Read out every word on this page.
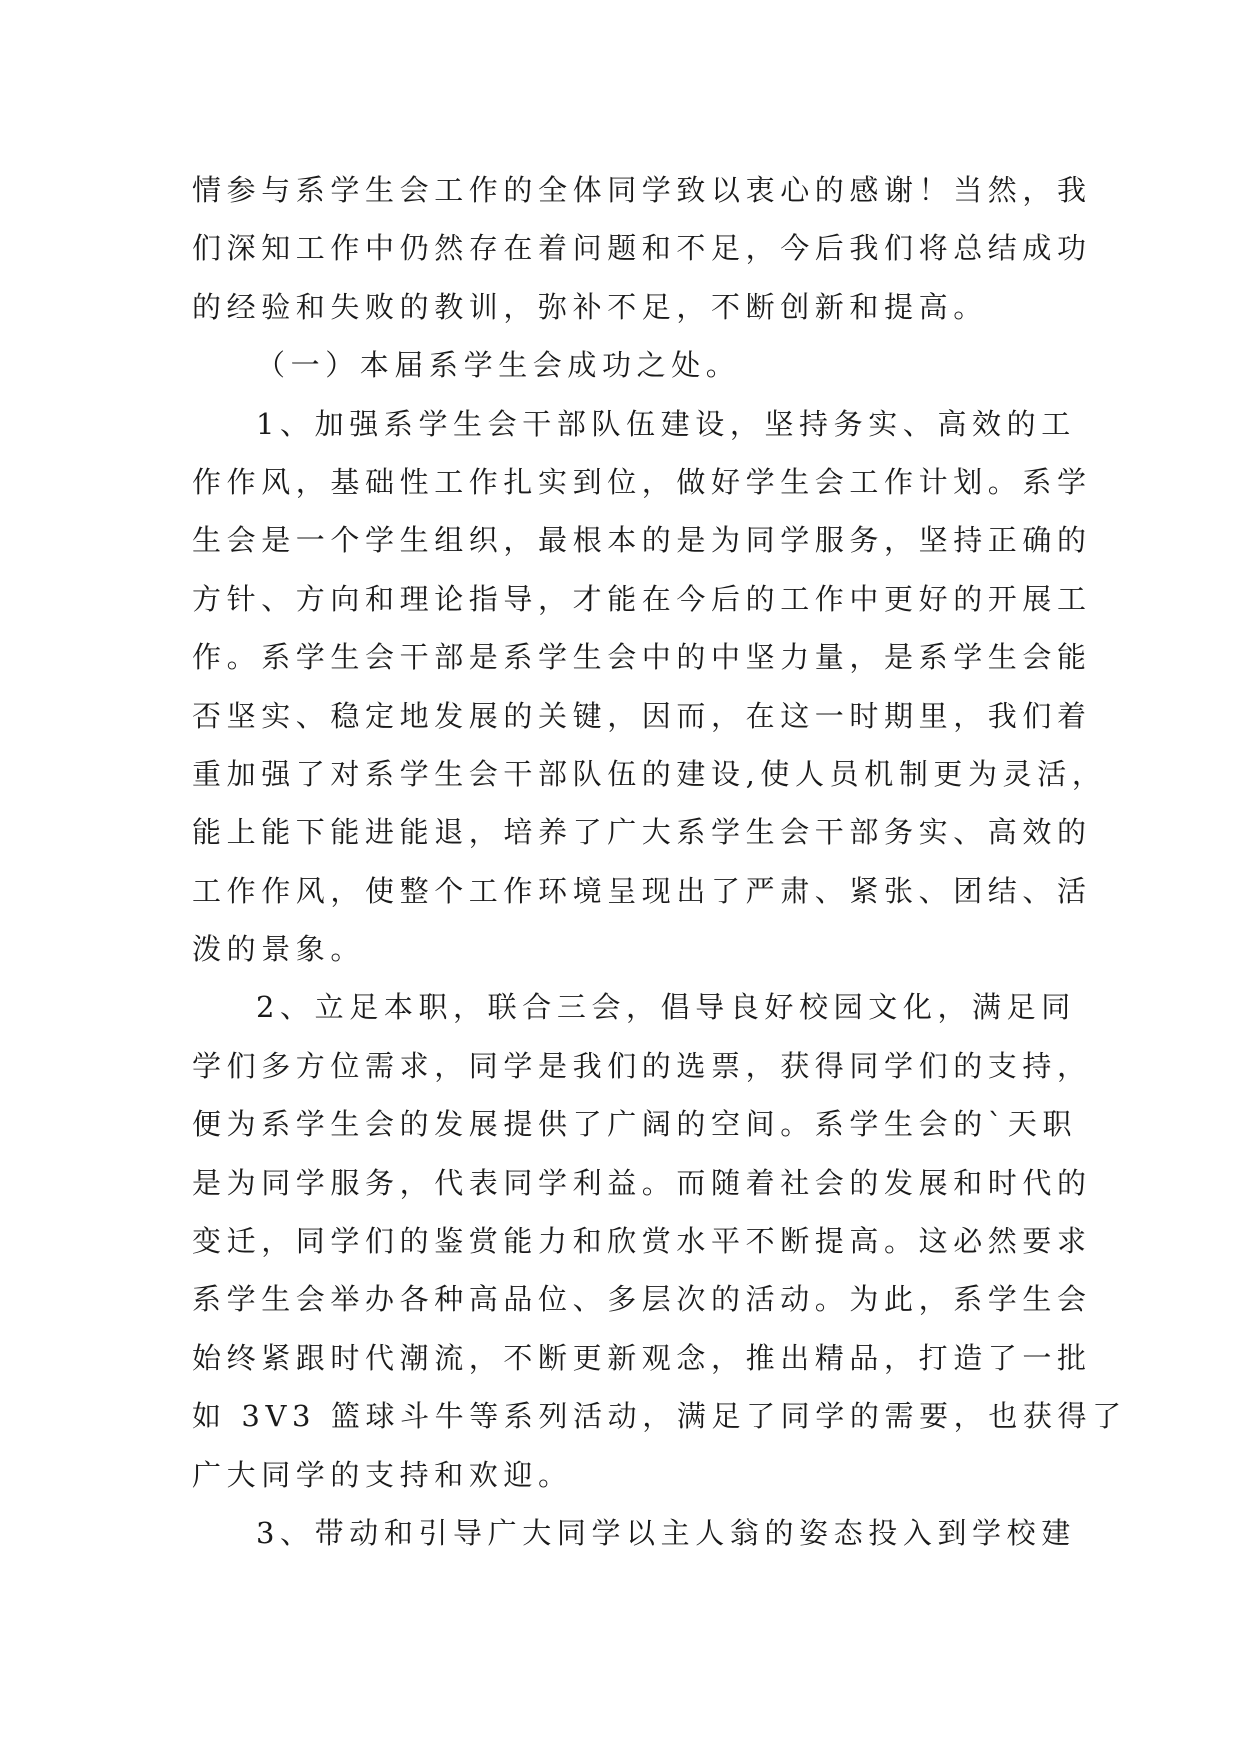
情参与系学生会工作的全体同学致以衷心的感谢！当然，我
们深知工作中仍然存在着问题和不足，今后我们将总结成功
的经验和失败的教训，弥补不足，不断创新和提高。
（一）本届系学生会成功之处。
1、加强系学生会干部队伍建设，坚持务实、高效的工
作作风，基础性工作扎实到位，做好学生会工作计划。系学
生会是一个学生组织，最根本的是为同学服务，坚持正确的
方针、方向和理论指导，才能在今后的工作中更好的开展工
作。系学生会干部是系学生会中的中坚力量，是系学生会能
否坚实、稳定地发展的关键，因而，在这一时期里，我们着
重加强了对系学生会干部队伍的建设,使人员机制更为灵活，
能上能下能进能退，培养了广大系学生会干部务实、高效的
工作作风，使整个工作环境呈现出了严肃、紧张、团结、活
泼的景象。
2、立足本职，联合三会，倡导良好校园文化，满足同
学们多方位需求，同学是我们的选票，获得同学们的支持，
便为系学生会的发展提供了广阔的空间。系学生会的`天职
是为同学服务，代表同学利益。而随着社会的发展和时代的
变迁，同学们的鉴赏能力和欣赏水平不断提高。这必然要求
系学生会举办各种高品位、多层次的活动。为此，系学生会
始终紧跟时代潮流，不断更新观念，推出精品，打造了一批
如 3V3 篮球斗牛等系列活动，满足了同学的需要，也获得了
广大同学的支持和欢迎。
3、带动和引导广大同学以主人翁的姿态投入到学校建
